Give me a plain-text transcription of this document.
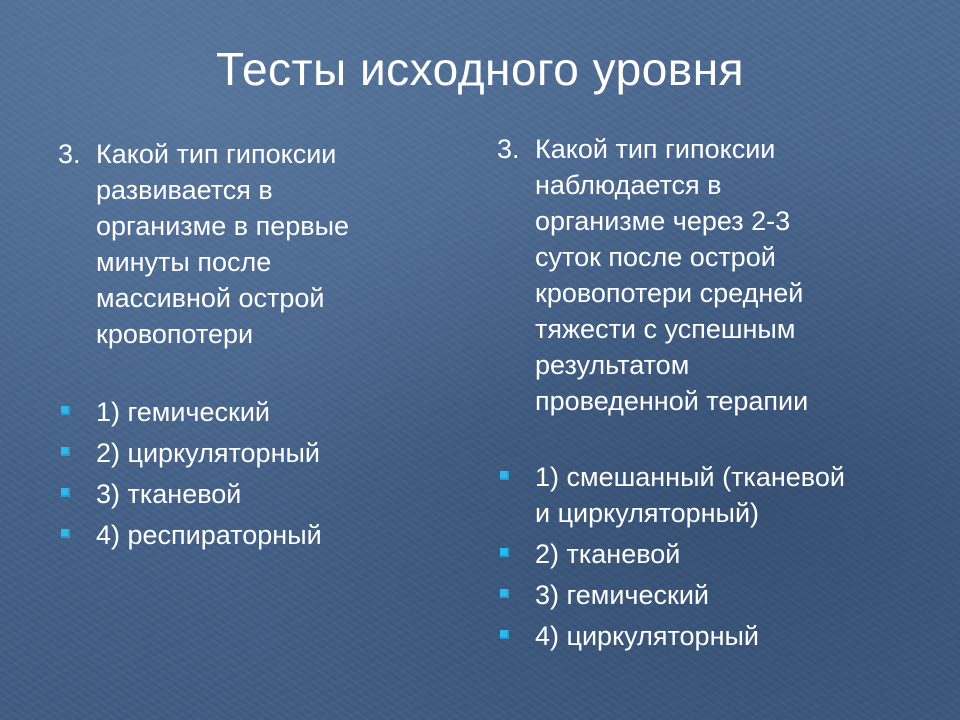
Тесты исходного уровня

3. Какой тип гипоксии
развивается в
организме в первые
минуты после
массивной острой
кровопотери

1) гемический
2) циркуляторный
3) тканевой
4) респираторный

3. Какой тип гипоксии
наблюдается в
организме через 2-3
суток после острой
кровопотери средней
тяжести с успешным
результатом
проведенной терапии

1) смешанный (тканевой
и циркуляторный)
2) тканевой
3) гемический
4) циркуляторный
